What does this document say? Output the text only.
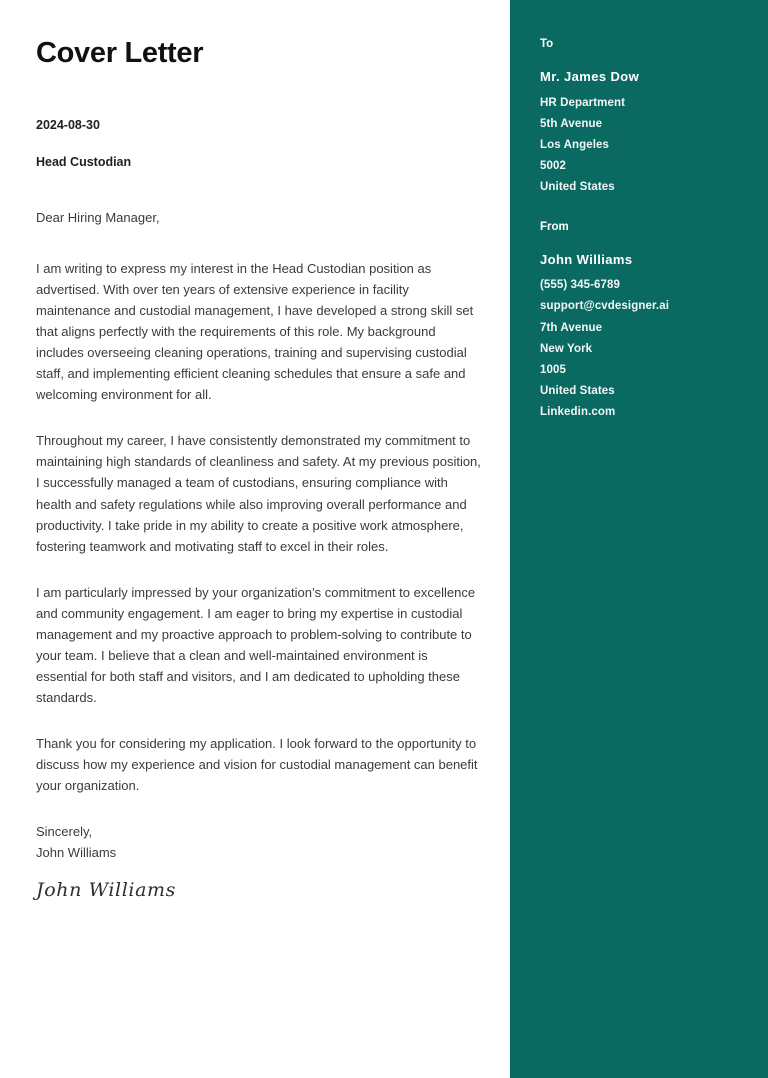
Cover Letter

2024-08-30

Head Custodian

Dear Hiring Manager,

I am writing to express my interest in the Head Custodian position as advertised. With over ten years of extensive experience in facility maintenance and custodial management, I have developed a strong skill set that aligns perfectly with the requirements of this role. My background includes overseeing cleaning operations, training and supervising custodial staff, and implementing efficient cleaning schedules that ensure a safe and welcoming environment for all.

Throughout my career, I have consistently demonstrated my commitment to maintaining high standards of cleanliness and safety. At my previous position, I successfully managed a team of custodians, ensuring compliance with health and safety regulations while also improving overall performance and productivity. I take pride in my ability to create a positive work atmosphere, fostering teamwork and motivating staff to excel in their roles.

I am particularly impressed by your organization’s commitment to excellence and community engagement. I am eager to bring my expertise in custodial management and my proactive approach to problem-solving to contribute to your team. I believe that a clean and well-maintained environment is essential for both staff and visitors, and I am dedicated to upholding these standards.

Thank you for considering my application. I look forward to the opportunity to discuss how my experience and vision for custodial management can benefit your organization.

Sincerely,

John Williams

John Williams

To

Mr. James Dow

HR Department

5th Avenue

Los Angeles

5002

United States

From

John Williams

(555) 345-6789

support@cvdesigner.ai

7th Avenue

New York

1005

United States

Linkedin.com
